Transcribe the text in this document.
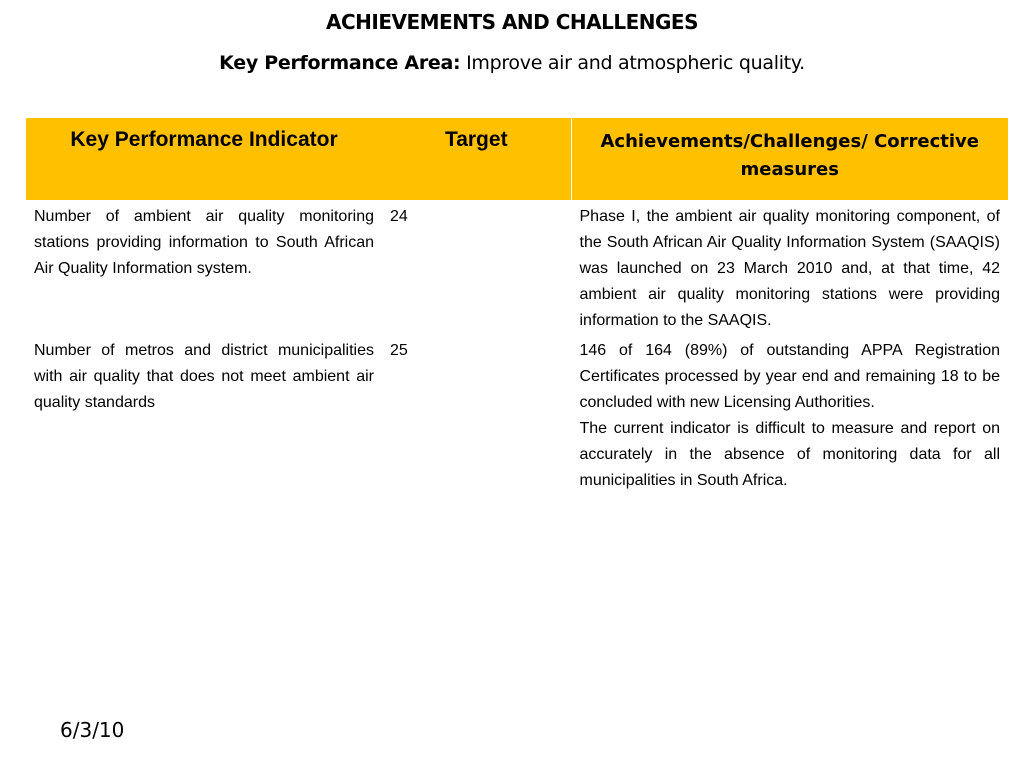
ACHIEVEMENTS AND CHALLENGES
Key Performance Area: Improve air and atmospheric quality.
Key Performance Indicator	Target	Achievements/Challenges/ Corrective measures
Number of ambient air quality monitoring stations providing information to South African Air Quality Information system.	24	Phase I, the ambient air quality monitoring component, of the South African Air Quality Information System (SAAQIS) was launched on 23 March 2010 and, at that time, 42 ambient air quality monitoring stations were providing information to the SAAQIS.

Number of metros and district municipalities with air quality that does not meet ambient air quality standards	25	146 of 164 (89%) of outstanding APPA Registration Certificates processed by year end and remaining 18 to be concluded with new Licensing Authorities.
The current indicator is difficult to measure and report on accurately in the absence of monitoring data for all municipalities in South Africa.
6/3/10
